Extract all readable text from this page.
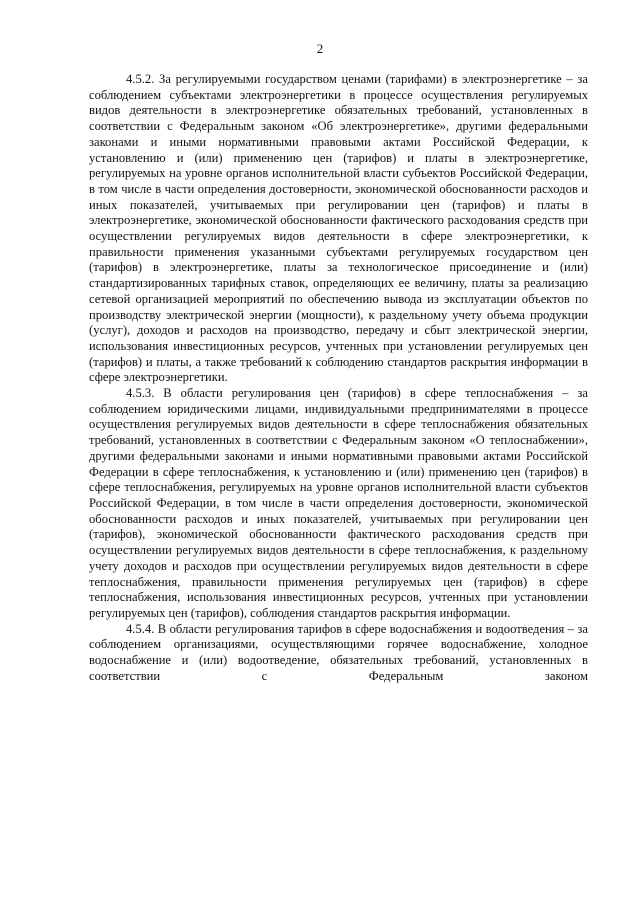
2

4.5.2. За регулируемыми государством ценами (тарифами) в электроэнергетике – за соблюдением субъектами электроэнергетики в процессе осуществления регулируемых видов деятельности в электроэнергетике обязательных требований, установленных в соответствии с Федеральным законом «Об электроэнергетике», другими федеральными законами и иными нормативными правовыми актами Российской Федерации, к установлению и (или) применению цен (тарифов) и платы в электроэнергетике, регулируемых на уровне органов исполнительной власти субъектов Российской Федерации, в том числе в части определения достоверности, экономической обоснованности расходов и иных показателей, учитываемых при регулировании цен (тарифов) и платы в электроэнергетике, экономической обоснованности фактического расходования средств при осуществлении регулируемых видов деятельности в сфере электроэнергетики, к правильности применения указанными субъектами регулируемых государством цен (тарифов) в электроэнергетике, платы за технологическое присоединение и (или) стандартизированных тарифных ставок, определяющих ее величину, платы за реализацию сетевой организацией мероприятий по обеспечению вывода из эксплуатации объектов по производству электрической энергии (мощности), к раздельному учету объема продукции (услуг), доходов и расходов на производство, передачу и сбыт электрической энергии, использования инвестиционных ресурсов, учтенных при установлении регулируемых цен (тарифов) и платы, а также требований к соблюдению стандартов раскрытия информации в сфере электроэнергетики.

4.5.3. В области регулирования цен (тарифов) в сфере теплоснабжения – за соблюдением юридическими лицами, индивидуальными предпринимателями в процессе осуществления регулируемых видов деятельности в сфере теплоснабжения обязательных требований, установленных в соответствии с Федеральным законом «О теплоснабжении», другими федеральными законами и иными нормативными правовыми актами Российской Федерации в сфере теплоснабжения, к установлению и (или) применению цен (тарифов) в сфере теплоснабжения, регулируемых на уровне органов исполнительной власти субъектов Российской Федерации, в том числе в части определения достоверности, экономической обоснованности расходов и иных показателей, учитываемых при регулировании цен (тарифов), экономической обоснованности фактического расходования средств при осуществлении регулируемых видов деятельности в сфере теплоснабжения, к раздельному учету доходов и расходов при осуществлении регулируемых видов деятельности в сфере теплоснабжения, правильности применения регулируемых цен (тарифов) в сфере теплоснабжения, использования инвестиционных ресурсов, учтенных при установлении регулируемых цен (тарифов), соблюдения стандартов раскрытия информации.

4.5.4. В области регулирования тарифов в сфере водоснабжения и водоотведения – за соблюдением организациями, осуществляющими горячее водоснабжение, холодное водоснабжение и (или) водоотведение, обязательных требований, установленных в соответствии с Федеральным законом
